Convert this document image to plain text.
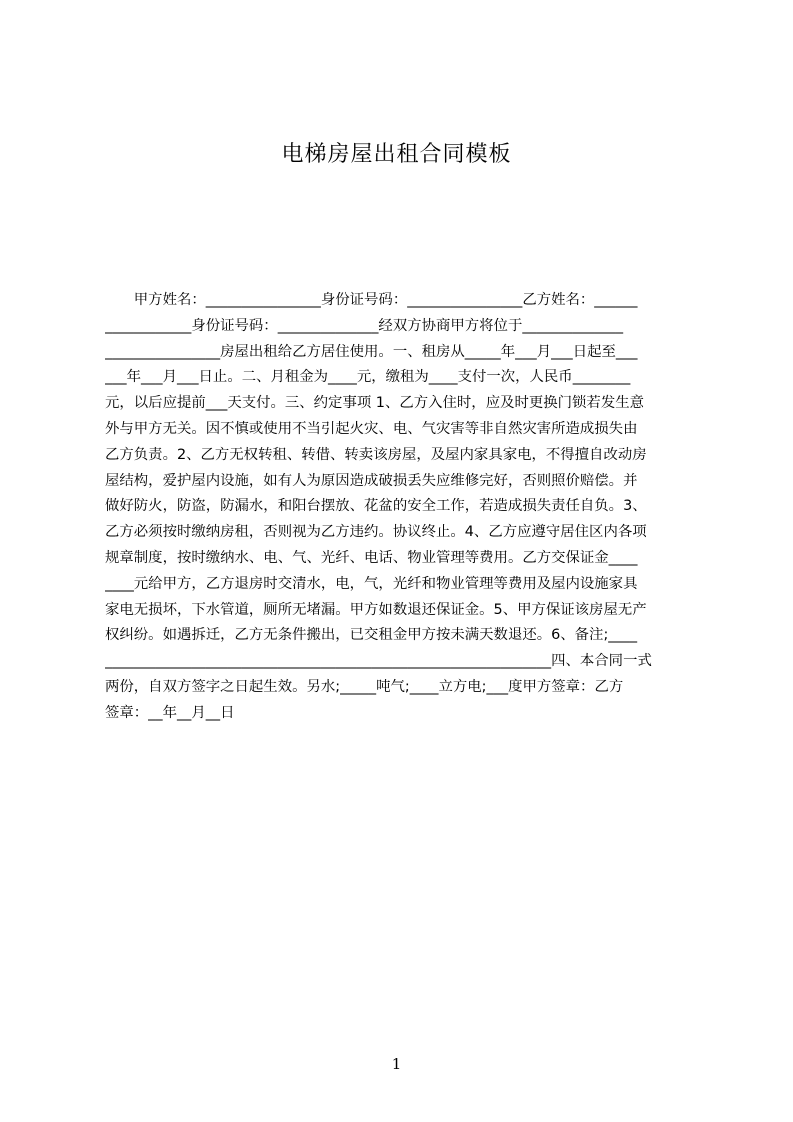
电梯房屋出租合同模板
　　甲方姓名：________________身份证号码：________________乙方姓名：______
____________身份证号码：______________经双方协商甲方将位于______________
________________房屋出租给乙方居住使用。一、租房从_____年___月___日起至___
___年___月___日止。二、月租金为____元，缴租为____支付一次，人民币________
元，以后应提前___天支付。三、约定事项 1、乙方入住时，应及时更换门锁若发生意
外与甲方无关。因不慎或使用不当引起火灾、电、气灾害等非自然灾害所造成损失由
乙方负责。2、乙方无权转租、转借、转卖该房屋，及屋内家具家电，不得擅自改动房
屋结构，爱护屋内设施，如有人为原因造成破损丢失应维修完好，否则照价赔偿。并
做好防火，防盗，防漏水，和阳台摆放、花盆的安全工作，若造成损失责任自负。3、
乙方必须按时缴纳房租，否则视为乙方违约。协议终止。4、乙方应遵守居住区内各项
规章制度，按时缴纳水、电、气、光纤、电话、物业管理等费用。乙方交保证金____
____元给甲方，乙方退房时交清水，电，气，光纤和物业管理等费用及屋内设施家具
家电无损坏，下水管道，厕所无堵漏。甲方如数退还保证金。5、甲方保证该房屋无产
权纠纷。如遇拆迁，乙方无条件搬出，已交租金甲方按未满天数退还。6、备注;____
______________________________________________________________四、本合同一式
两份，自双方签字之日起生效。另水;_____吨气;____立方电;___度甲方签章：乙方
签章：__年__月__日
1
